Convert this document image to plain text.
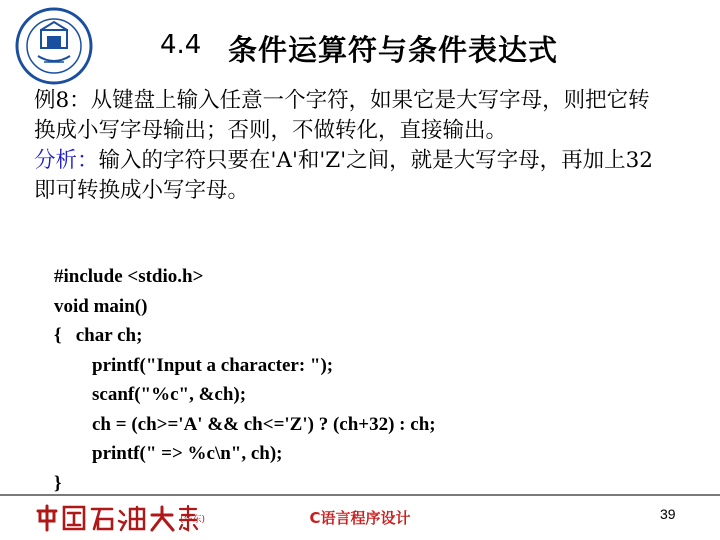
4.4 条件运算符与条件表达式

例8：从键盘上输入任意一个字符，如果它是大写字母，则把它转换成小写字母输出；否则，不做转化，直接输出。

分析：输入的字符只要在'A'和'Z'之间，就是大写字母，再加上32即可转换成小写字母。

#include <stdio.h>
void main()
{   char ch;
printf("Input a character: ");
scanf("%c", &ch);
ch = (ch>='A' && ch<='Z') ? (ch+32) : ch;
printf(" => %c\n", ch);
}
(华东)	C语言程序设计	39
